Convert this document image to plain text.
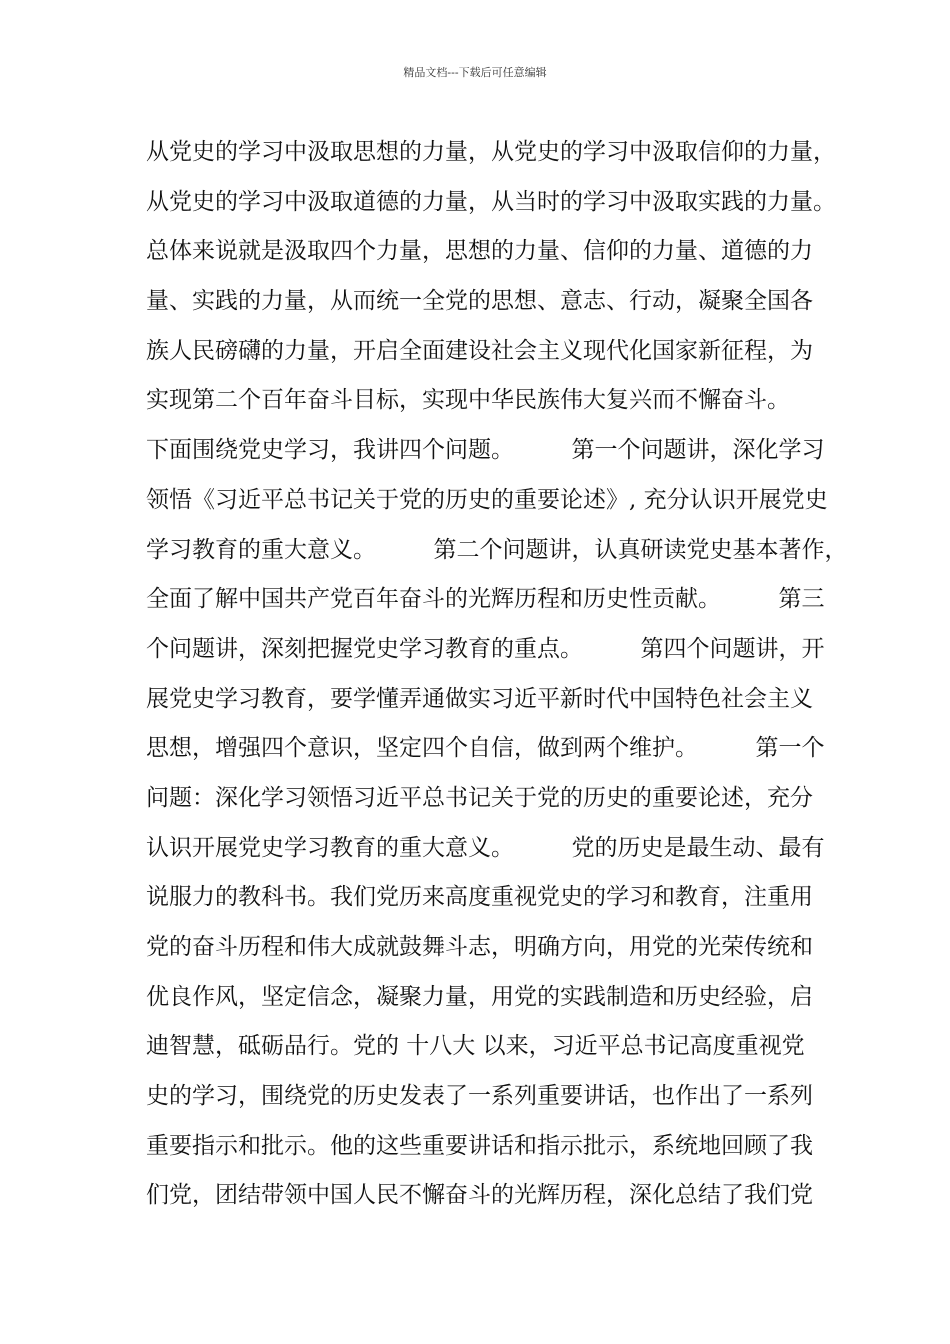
精品文档---下载后可任意编辑
从党史的学习中汲取思想的力量，从党史的学习中汲取信仰的力量，
从党史的学习中汲取道德的力量，从当时的学习中汲取实践的力量。
总体来说就是汲取四个力量，思想的力量、信仰的力量、道德的力
量、实践的力量，从而统一全党的思想、意志、行动，凝聚全国各
族人民磅礴的力量，开启全面建设社会主义现代化国家新征程，为
实现第二个百年奋斗目标，实现中华民族伟大复兴而不懈奋斗。
下面围绕党史学习，我讲四个问题。　　　第一个问题讲，深化学习
领悟《习近平总书记关于党的历史的重要论述》, 充分认识开展党史
学习教育的重大意义。　　　第二个问题讲，认真研读党史基本著作，
全面了解中国共产党百年奋斗的光辉历程和历史性贡献。　　　第三
个问题讲，深刻把握党史学习教育的重点。　　　第四个问题讲，开
展党史学习教育，要学懂弄通做实习近平新时代中国特色社会主义
思想，增强四个意识，坚定四个自信，做到两个维护。　　　第一个
问题：深化学习领悟习近平总书记关于党的历史的重要论述，充分
认识开展党史学习教育的重大意义。　　　党的历史是最生动、最有
说服力的教科书。我们党历来高度重视党史的学习和教育，注重用
党的奋斗历程和伟大成就鼓舞斗志，明确方向，用党的光荣传统和
优良作风，坚定信念，凝聚力量，用党的实践制造和历史经验，启
迪智慧，砥砺品行。党的 十八大 以来，习近平总书记高度重视党
史的学习，围绕党的历史发表了一系列重要讲话，也作出了一系列
重要指示和批示。他的这些重要讲话和指示批示，系统地回顾了我
们党，团结带领中国人民不懈奋斗的光辉历程，深化总结了我们党
